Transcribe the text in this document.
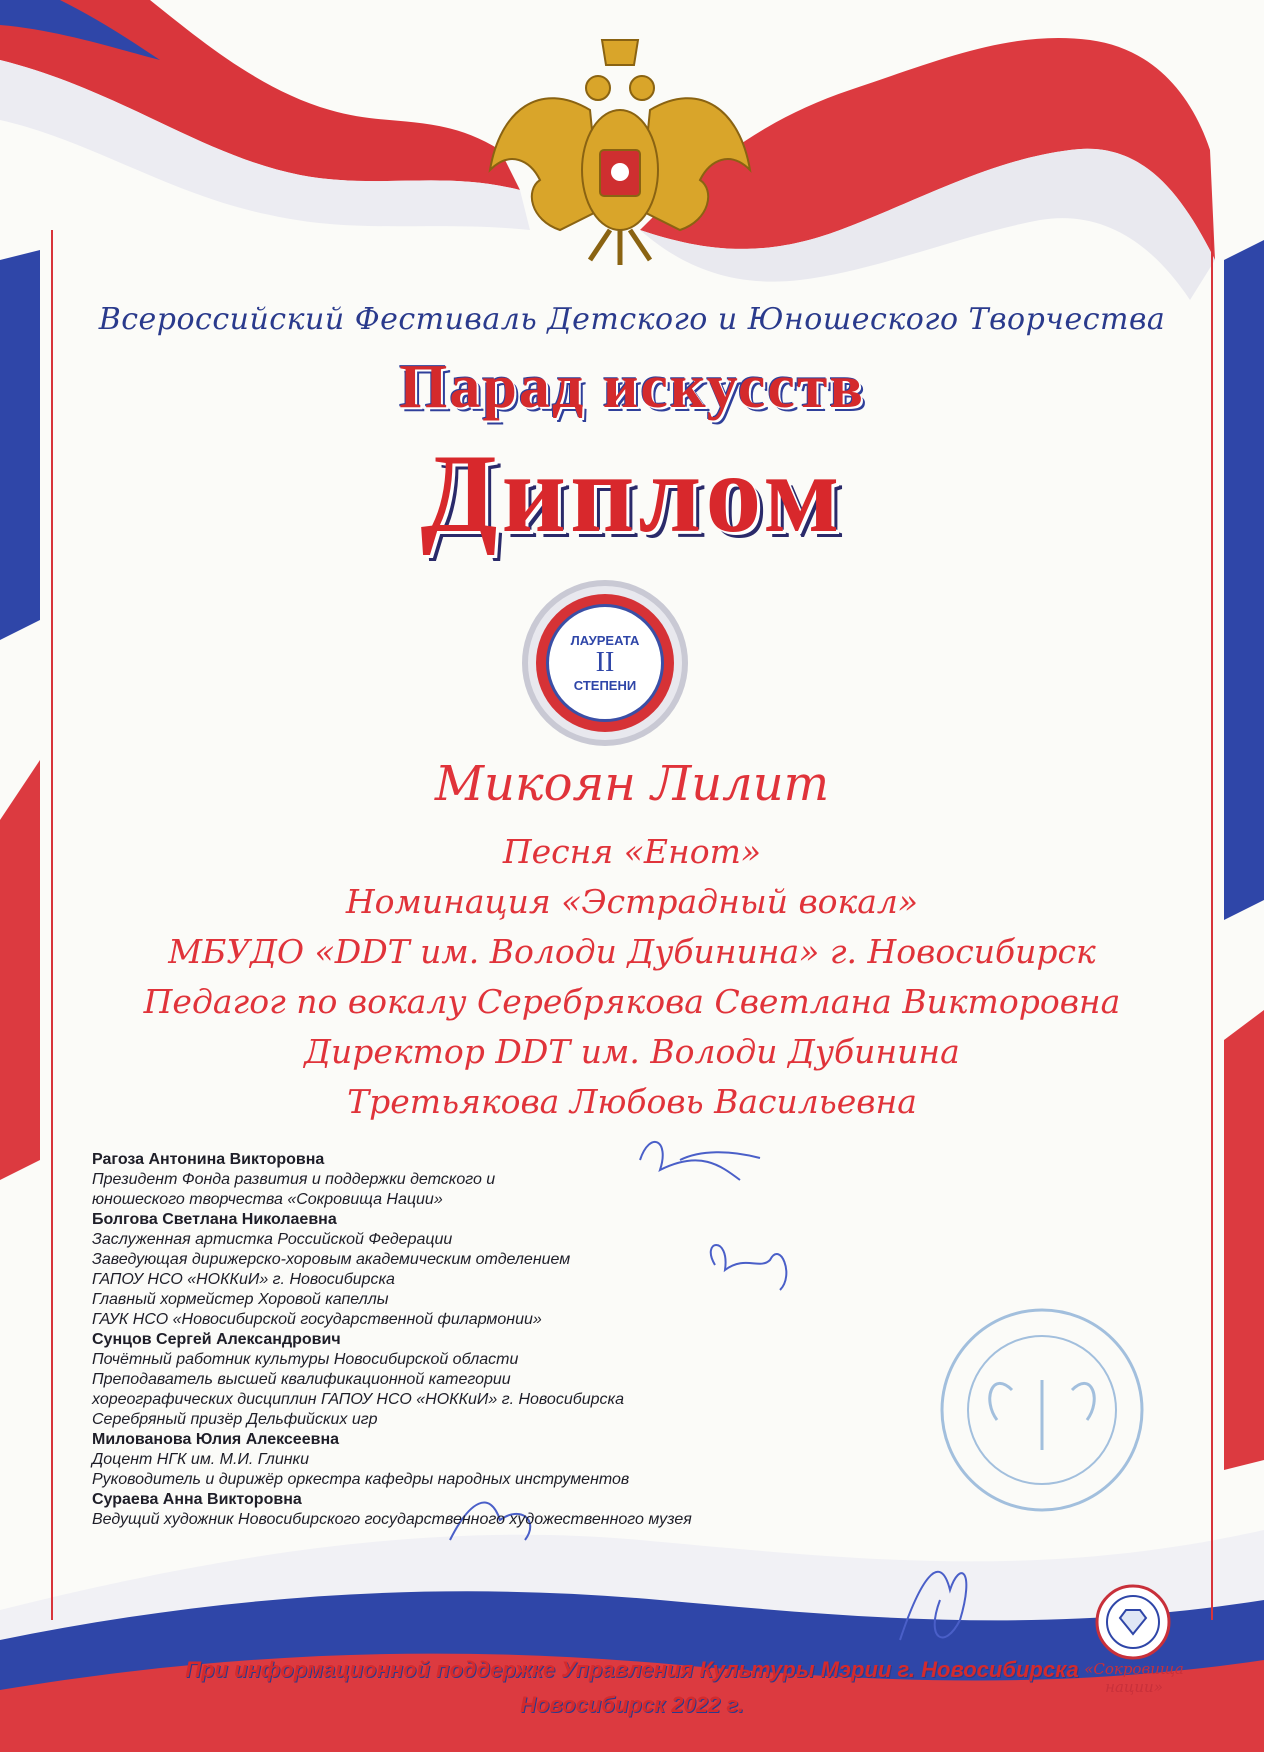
Всероссийский Фестиваль Детского и Юношеского Творчества
Парад искусств
Диплом
ЛАУРЕАТА
II
СТЕПЕНИ
Микоян Лилит
Песня «Енот»
Номинация «Эстрадный вокал»
МБУДО «DDT им. Володи Дубинина» г. Новосибирск
Педагог по вокалу Серебрякова Светлана Викторовна
Директор DDT им. Володи Дубинина
Третьякова Любовь Васильевна
Рагоза Антонина Викторовна
Президент Фонда развития и поддержки детского и
юношеского творчества «Сокровища Нации»
Болгова Светлана Николаевна
Заслуженная артистка Российской Федерации
Заведующая дирижерско-хоровым академическим отделением
ГАПОУ НСО «НОККиИ» г. Новосибирска
Главный хормейстер Хоровой капеллы
ГАУК НСО «Новосибирской государственной филармонии»
Сунцов Сергей Александрович
Почётный работник культуры Новосибирской области
Преподаватель высшей квалификационной категории
хореографических дисциплин ГАПОУ НСО «НОККиИ» г. Новосибирска
Серебряный призёр Дельфийских игр
Милованова Юлия Алексеевна
Доцент НГК им. М.И. Глинки
Руководитель и дирижёр оркестра кафедры народных инструментов
Сураева Анна Викторовна
Ведущий художник Новосибирского государственного художественного музея
«Сокровища нации»
При информационной поддержке Управления Культуры Мэрии г. Новосибирска
Новосибирск 2022 г.
